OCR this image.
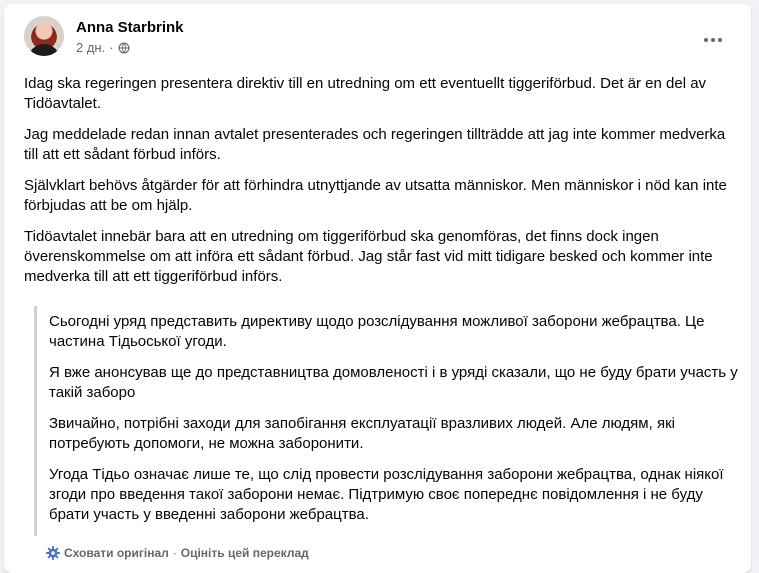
Anna Starbrink
2 дн. ·

Idag ska regeringen presentera direktiv till en utredning om ett eventuellt tiggeriförbud. Det är en del av Tidöavtalet.

Jag meddelade redan innan avtalet presenterades och regeringen tillträdde att jag inte kommer medverka till att ett sådant förbud införs.

Självklart behövs åtgärder för att förhindra utnyttjande av utsatta människor. Men människor i nöd kan inte förbjudas att be om hjälp.

Tidöavtalet innebär bara att en utredning om tiggeriförbud ska genomföras, det finns dock ingen överenskommelse om att införa ett sådant förbud. Jag står fast vid mitt tidigare besked och kommer inte medverka till att ett tiggeriförbud införs.

Сьогодні уряд представить директиву щодо розслідування можливої заборони жебрацтва. Це частина Тідьоської угоди.

Я вже анонсував ще до представництва домовленості і в уряді сказали, що не буду брати участь у такій заборо

Звичайно, потрібні заходи для запобігання експлуатації вразливих людей. Але людям, які потребують допомоги, не можна заборонити.

Угода Тідьо означає лише те, що слід провести розслідування заборони жебрацтва, однак ніякої згоди про введення такої заборони немає. Підтримую своє попереднє повідомлення і не буду брати участь у введенні заборони жебрацтва.

Сховати оригінал · Оцініть цей переклад
